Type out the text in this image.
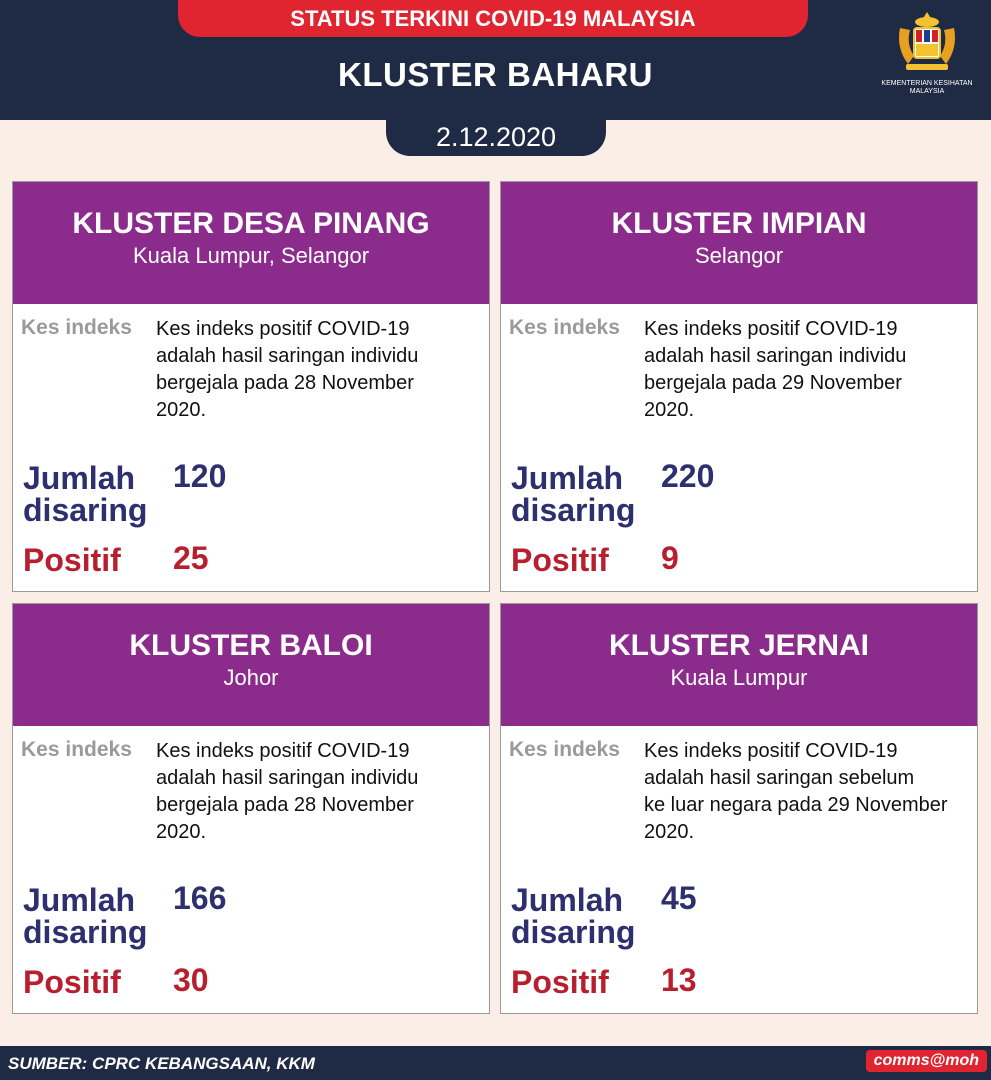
STATUS TERKINI COVID-19 MALAYSIA
KLUSTER BAHARU	KEMENTERIAN KESIHATAN MALAYSIA
2.12.2020
KLUSTER DESA PINANG
Kuala Lumpur, Selangor
Kes indeks Kes indeks positif COVID-19
adalah hasil saringan individu
bergejala pada 28 November
2020.
Jumlah disaring
120
Positif 25
KLUSTER IMPIAN
Selangor
Kes indeks Kes indeks positif COVID-19
adalah hasil saringan individu
bergejala pada 29 November
2020.
Jumlah disaring
220
Positif 9
KLUSTER BALOI
Johor
Kes indeks Kes indeks positif COVID-19
adalah hasil saringan individu
bergejala pada 28 November
2020.
Jumlah disaring
166
Positif 30
KLUSTER JERNAI
Kuala Lumpur
Kes indeks Kes indeks positif COVID-19
adalah hasil saringan sebelum
ke luar negara pada 29 November
2020.
Jumlah disaring
45
Positif 13
SUMBER: CPRC KEBANGSAAN, KKM	comms@moh
